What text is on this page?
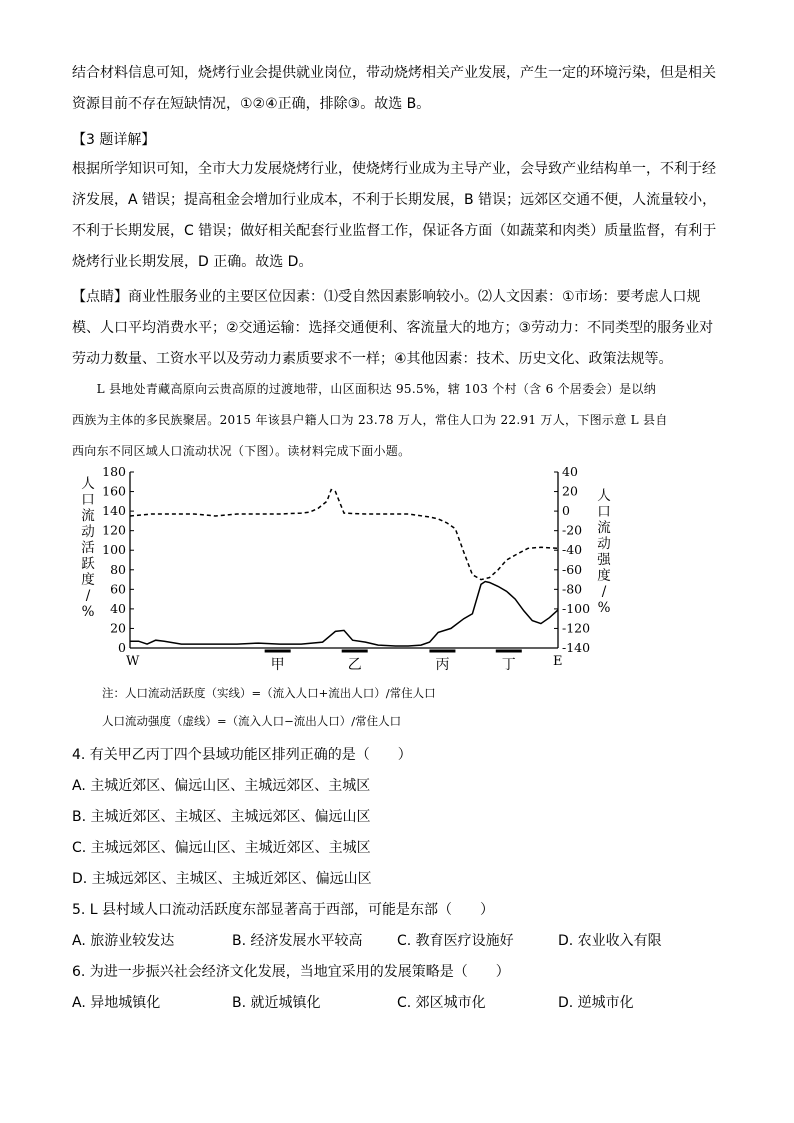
结合材料信息可知，烧烤行业会提供就业岗位，带动烧烤相关产业发展，产生一定的环境污染，但是相关
资源目前不存在短缺情况，①②④正确，排除③。故选 B。
【3 题详解】
根据所学知识可知，全市大力发展烧烤行业，使烧烤行业成为主导产业，会导致产业结构单一，不利于经
济发展，A 错误；提高租金会增加行业成本，不利于长期发展，B 错误；远郊区交通不便，人流量较小，
不利于长期发展，C 错误；做好相关配套行业监督工作，保证各方面（如蔬菜和肉类）质量监督，有利于
烧烤行业长期发展，D 正确。故选 D。
【点睛】商业性服务业的主要区位因素：⑴受自然因素影响较小。⑵人文因素：①市场：要考虑人口规
模、人口平均消费水平；②交通运输：选择交通便利、客流量大的地方；③劳动力：不同类型的服务业对
劳动力数量、工资水平以及劳动力素质要求不一样；④其他因素：技术、历史文化、政策法规等。
　　L 县地处青藏高原向云贵高原的过渡地带，山区面积达 95.5%，辖 103 个村（含 6 个居委会）是以纳
西族为主体的多民族聚居。2015 年该县户籍人口为 23.78 万人，常住人口为 22.91 万人，下图示意 L 县自
西向东不同区域人口流动状况（下图）。读材料完成下面小题。
人
口
流
动
活
跃
度
/
%
人
口
流
动
强
度
/
%
180
160
140
120
100
80
60
40
20
0
40
20
0
-20
-40
-60
-80
-100
-120
-140
W	E
甲	乙	丙	丁
注：人口流动活跃度（实线）=（流入人口+流出人口）/常住人口
人口流动强度（虚线）=（流入人口−流出人口）/常住人口
4. 有关甲乙丙丁四个县域功能区排列正确的是（　　）
A. 主城近郊区、偏远山区、主城远郊区、主城区
B. 主城近郊区、主城区、主城远郊区、偏远山区
C. 主城远郊区、偏远山区、主城近郊区、主城区
D. 主城远郊区、主城区、主城近郊区、偏远山区
5. L 县村域人口流动活跃度东部显著高于西部，可能是东部（　　）
A. 旅游业较发达	B. 经济发展水平较高 C. 教育医疗设施好	D. 农业收入有限
6. 为进一步振兴社会经济文化发展，当地宜采用的发展策略是（　　）
A. 异地城镇化	B. 就近城镇化	C. 郊区城市化	D. 逆城市化
